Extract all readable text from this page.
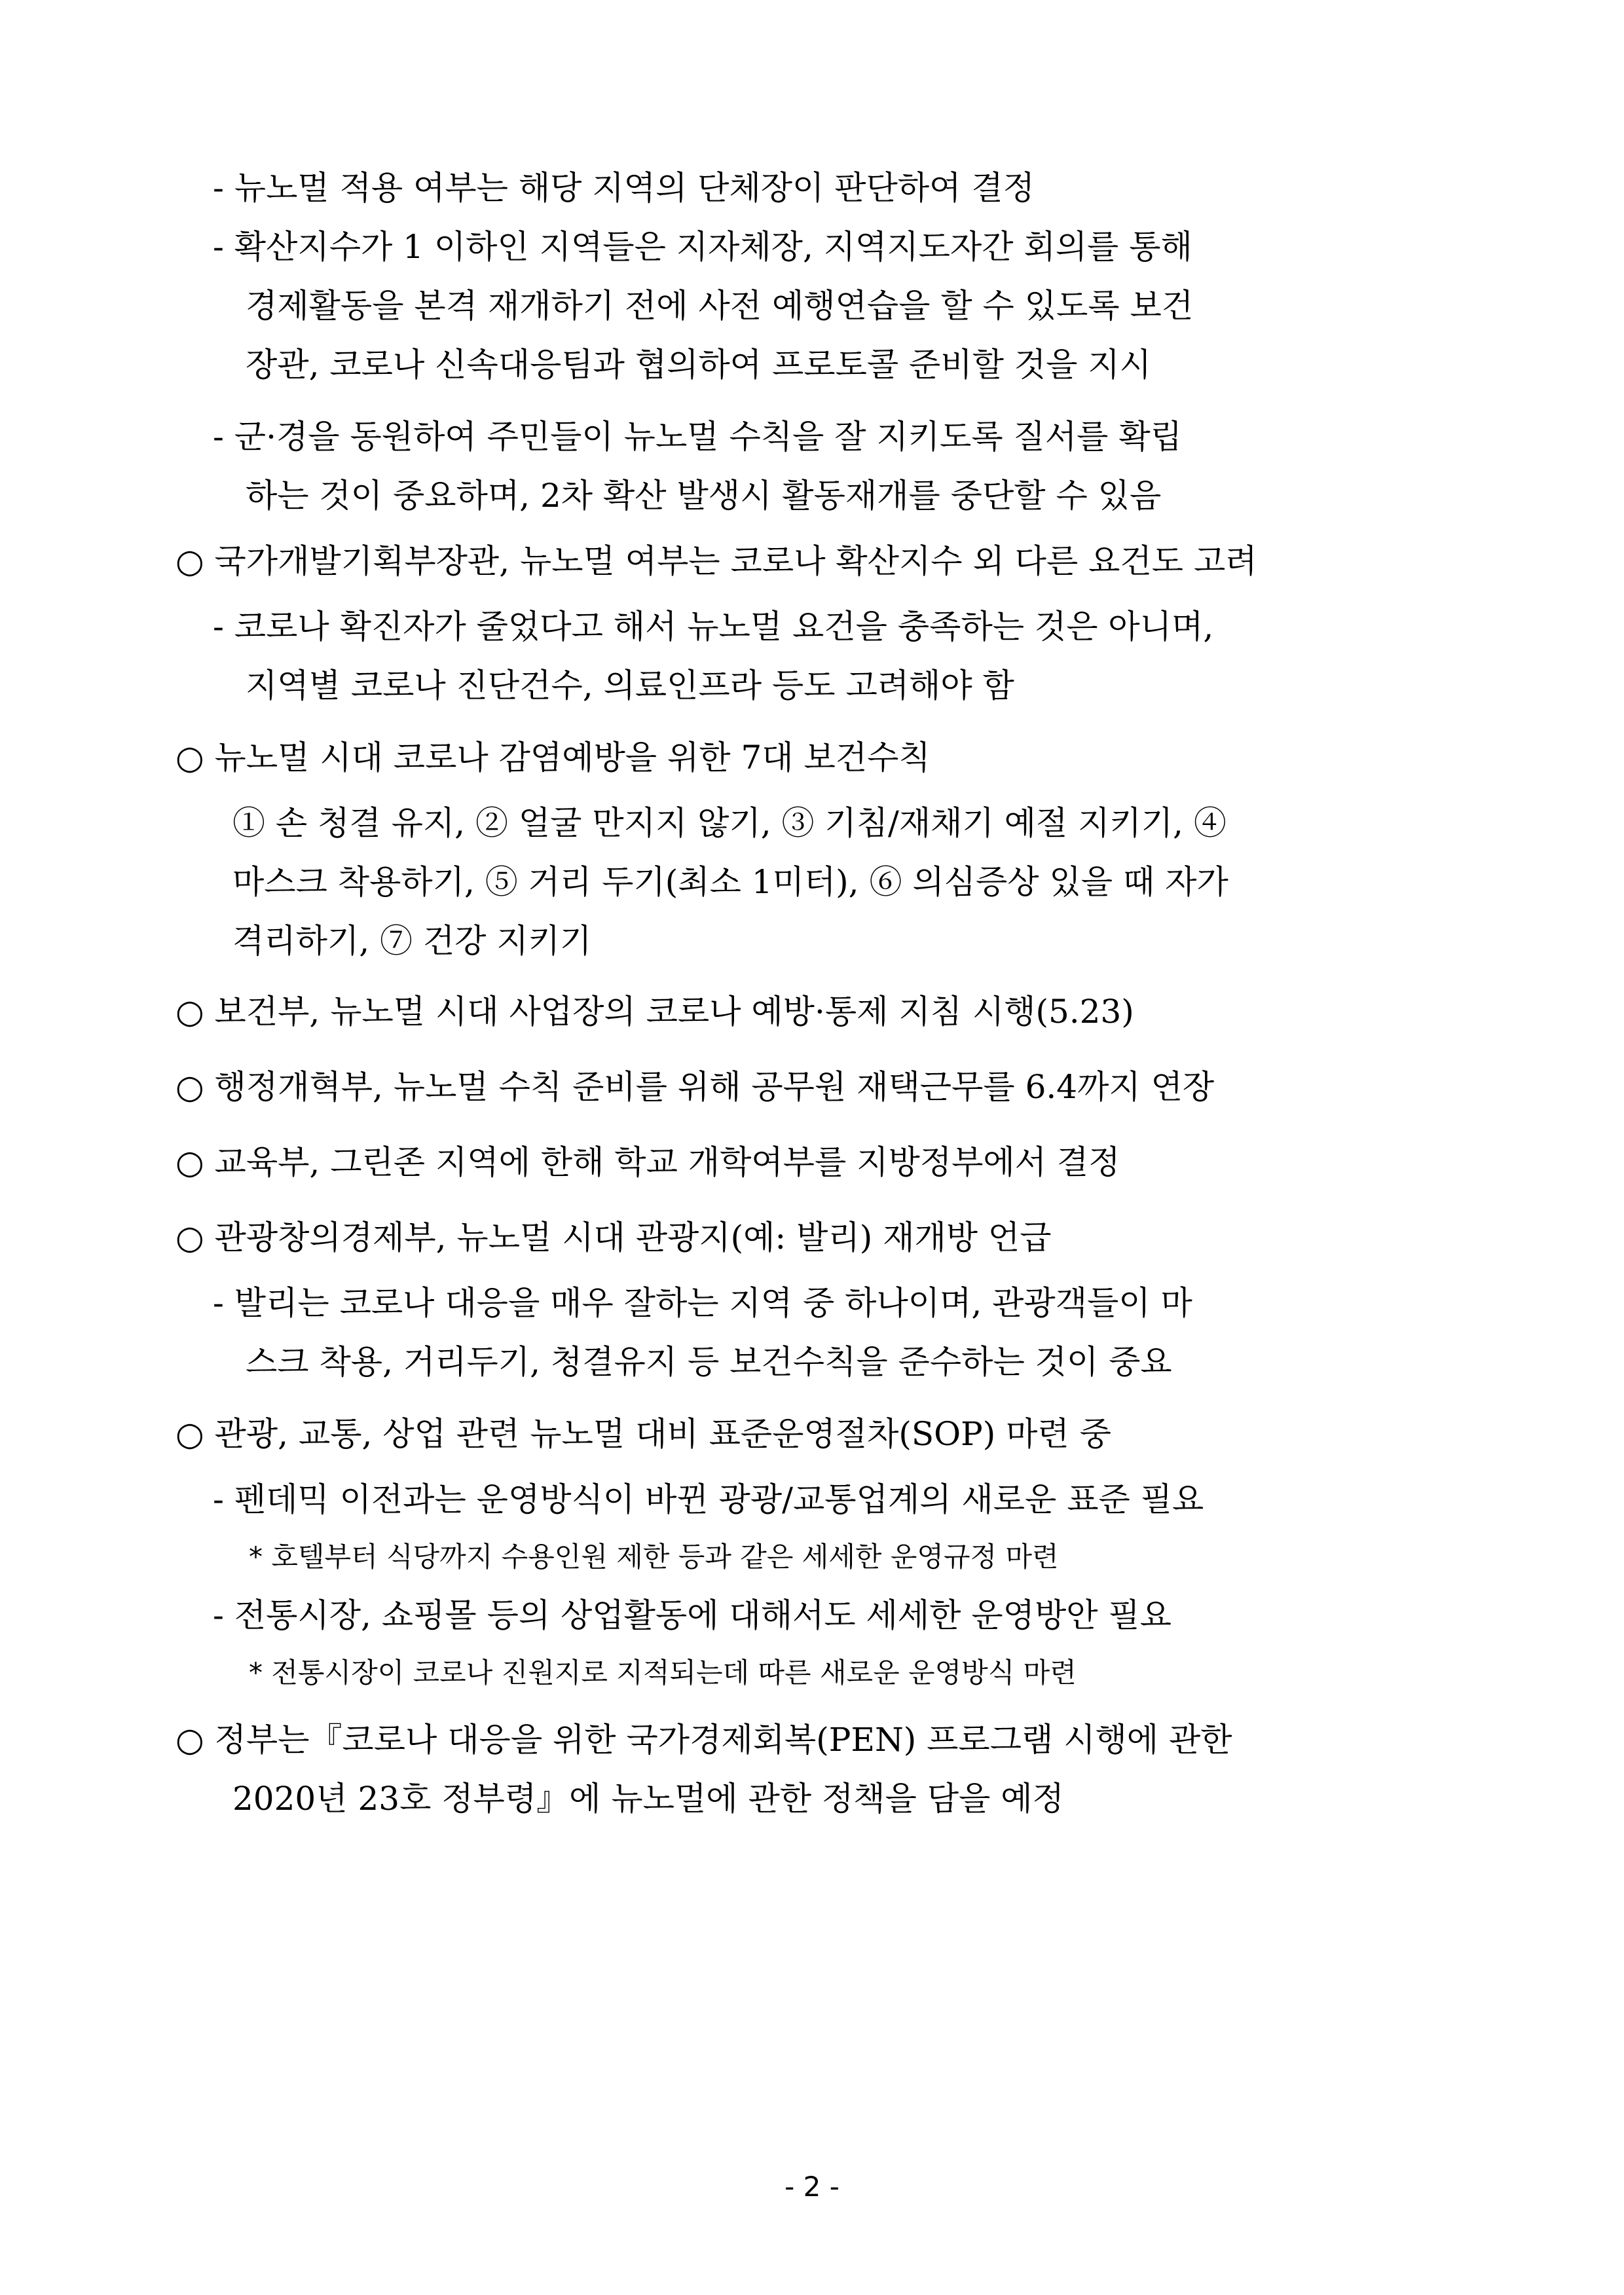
- 뉴노멀 적용 여부는 해당 지역의 단체장이 판단하여 결정
- 확산지수가 1 이하인 지역들은 지자체장, 지역지도자간 회의를 통해
경제활동을 본격 재개하기 전에 사전 예행연습을 할 수 있도록 보건
장관, 코로나 신속대응팀과 협의하여 프로토콜 준비할 것을 지시
- 군·경을 동원하여 주민들이 뉴노멀 수칙을 잘 지키도록 질서를 확립
하는 것이 중요하며, 2차 확산 발생시 활동재개를 중단할 수 있음
○ 국가개발기획부장관, 뉴노멀 여부는 코로나 확산지수 외 다른 요건도 고려
- 코로나 확진자가 줄었다고 해서 뉴노멀 요건을 충족하는 것은 아니며,
지역별 코로나 진단건수, 의료인프라 등도 고려해야 함
○ 뉴노멀 시대 코로나 감염예방을 위한 7대 보건수칙
① 손 청결 유지, ② 얼굴 만지지 않기, ③ 기침/재채기 예절 지키기, ④
마스크 착용하기, ⑤ 거리 두기(최소 1미터), ⑥ 의심증상 있을 때 자가
격리하기, ⑦ 건강 지키기
○ 보건부, 뉴노멀 시대 사업장의 코로나 예방·통제 지침 시행(5.23)
○ 행정개혁부, 뉴노멀 수칙 준비를 위해 공무원 재택근무를 6.4까지 연장
○ 교육부, 그린존 지역에 한해 학교 개학여부를 지방정부에서 결정
○ 관광창의경제부, 뉴노멀 시대 관광지(예: 발리) 재개방 언급
- 발리는 코로나 대응을 매우 잘하는 지역 중 하나이며, 관광객들이 마
스크 착용, 거리두기, 청결유지 등 보건수칙을 준수하는 것이 중요
○ 관광, 교통, 상업 관련 뉴노멀 대비 표준운영절차(SOP) 마련 중
- 펜데믹 이전과는 운영방식이 바뀐 광광/교통업계의 새로운 표준 필요
* 호텔부터 식당까지 수용인원 제한 등과 같은 세세한 운영규정 마련
- 전통시장, 쇼핑몰 등의 상업활동에 대해서도 세세한 운영방안 필요
* 전통시장이 코로나 진원지로 지적되는데 따른 새로운 운영방식 마련
○ 정부는『코로나 대응을 위한 국가경제회복(PEN) 프로그램 시행에 관한
2020년 23호 정부령』에 뉴노멀에 관한 정책을 담을 예정
- 2 -
